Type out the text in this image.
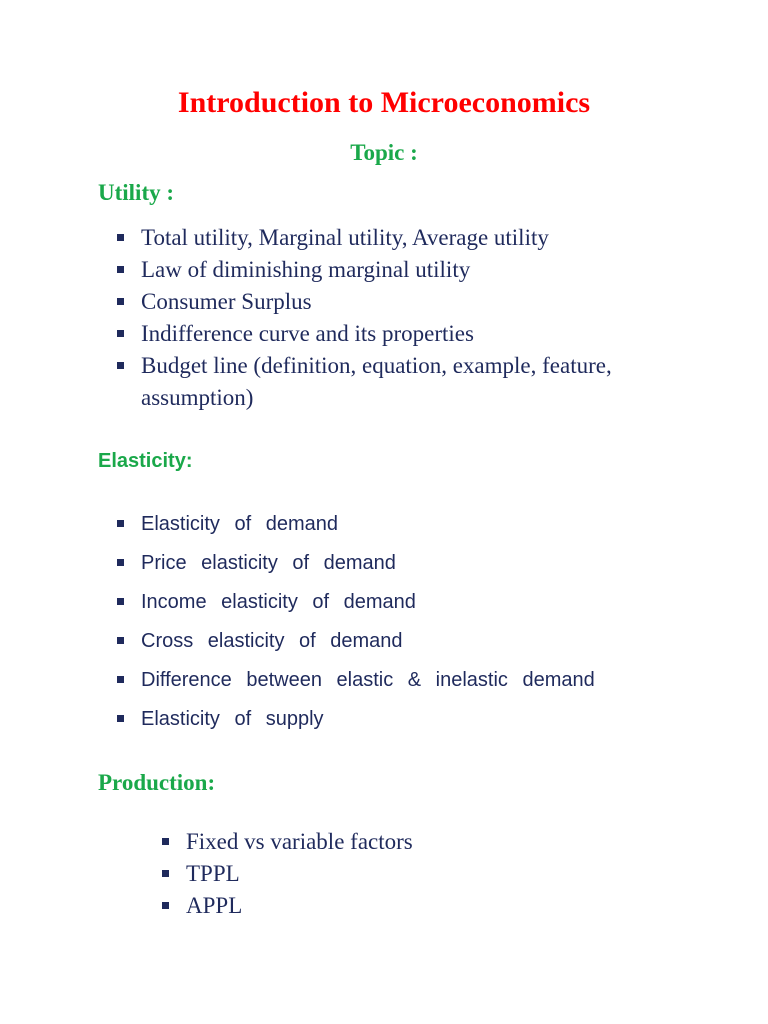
Introduction to Microeconomics
Topic :
Utility :
Total utility, Marginal utility, Average utility
Law of diminishing marginal utility
Consumer Surplus
Indifference curve and its properties
Budget line (definition, equation, example, feature, assumption)
Elasticity:
Elasticity of demand
Price elasticity of demand
Income elasticity of demand
Cross elasticity of demand
Difference between elastic & inelastic demand
Elasticity of supply
Production:
Fixed vs variable factors
TPPL
APPL
